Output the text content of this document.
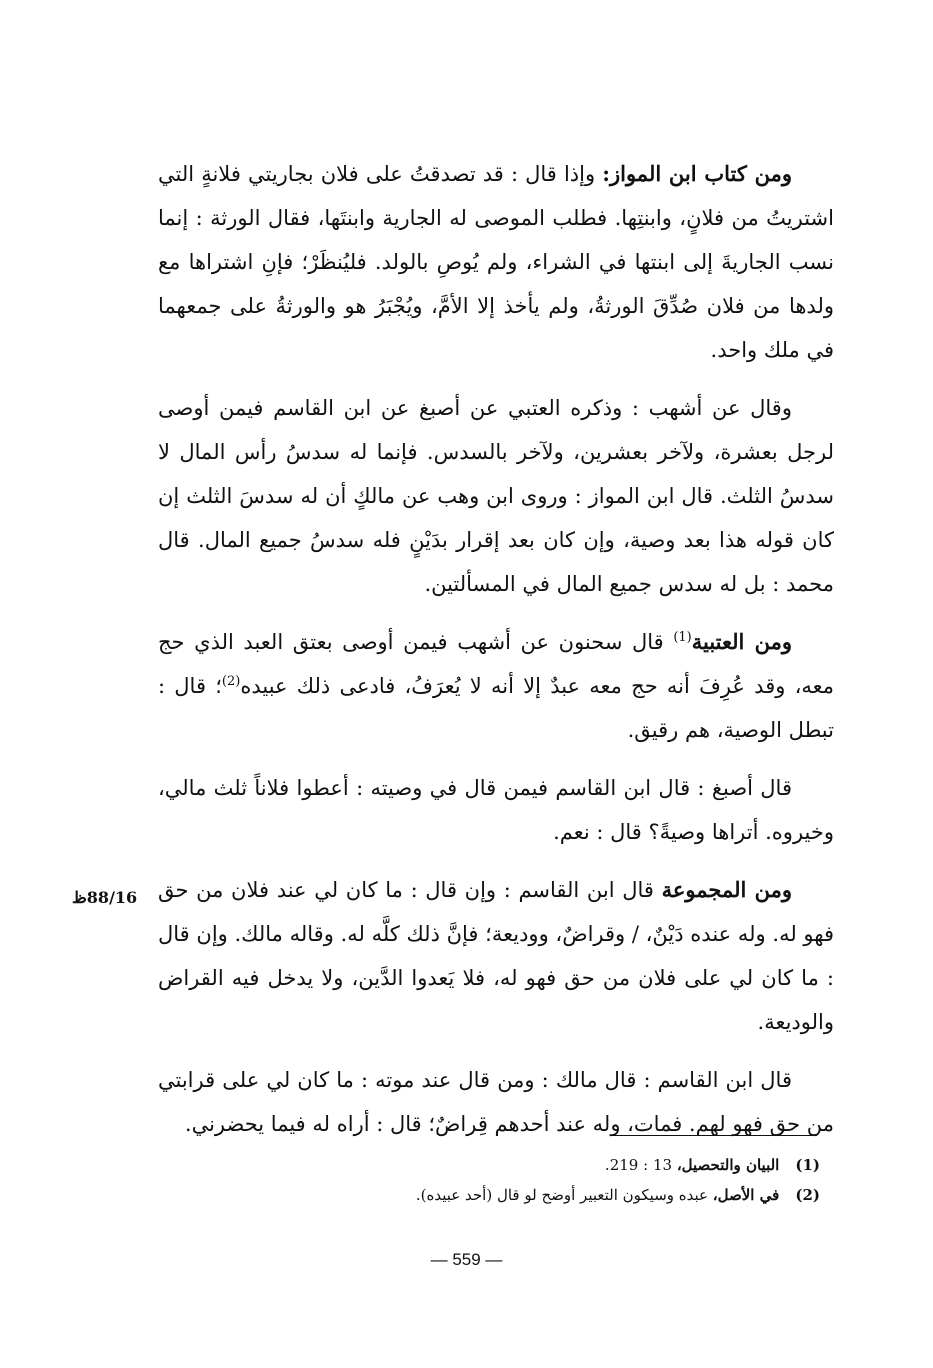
ومن كتاب ابن المواز: وإذا قال : قد تصدقتُ على فلان بجاريتي فلانةٍ التي اشتريتُ من فلانٍ، وابنتِها. فطلب الموصى له الجارية وابنتَها، فقال الورثة : إنما نسب الجاريةَ إلى ابنتها في الشراء، ولم يُوصِ بالولد. فليُنظَرْ؛ فإنِ اشتراها مع ولدها من فلان صُدِّقَ الورثةُ، ولم يأخذ إلا الأمَّ، ويُجْبَرُ هو والورثةُ على جمعهما في ملك واحد.

وقال عن أشهب : وذكره العتبي عن أصبغ عن ابن القاسم فيمن أوصى لرجل بعشرة، ولآخر بعشرين، ولآخر بالسدس. فإنما له سدسُ رأس المال لا سدسُ الثلث. قال ابن المواز : وروى ابن وهب عن مالكٍ أن له سدسَ الثلث إن كان قوله هذا بعد وصية، وإن كان بعد إقرار بدَيْنٍ فله سدسُ جميع المال. قال محمد : بل له سدس جميع المال في المسألتين.

ومن العتبية$^{(1)}$ قال سحنون عن أشهب فيمن أوصى بعتق العبد الذي حج معه، وقد عُرِفَ أنه حج معه عبدٌ إلا أنه لا يُعرَفُ، فادعى ذلك عبيده$^{(2)}$؛ قال : تبطل الوصية، هم رقيق.

قال أصبغ : قال ابن القاسم فيمن قال في وصيته : أعطوا فلاناً ثلث مالي، وخيروه. أتراها وصيةً؟ قال : نعم.

ومن المجموعة قال ابن القاسم : وإن قال : ما كان لي عند فلان من حق فهو له. وله عنده دَيْنٌ، / وقراضٌ، ووديعة؛ فإنَّ ذلك كلَّه له. وقاله مالك. وإن قال : ما كان لي على فلان من حق فهو له، فلا يَعدوا الدَّين، ولا يدخل فيه القراض والوديعة.

قال ابن القاسم : قال مالك : ومن قال عند موته : ما كان لي على قرابتي من حق فهو لهم. فمات، وله عند أحدهم قِراضٌ؛ قال : أراه له فيما يحضرني.

88/16ظ
(1)
البيان والتحصيل، 13 : 219.
(2)
في الأصل، عبده وسيكون التعبير أوضح لو قال (أحد عبيده).
— 559 —
